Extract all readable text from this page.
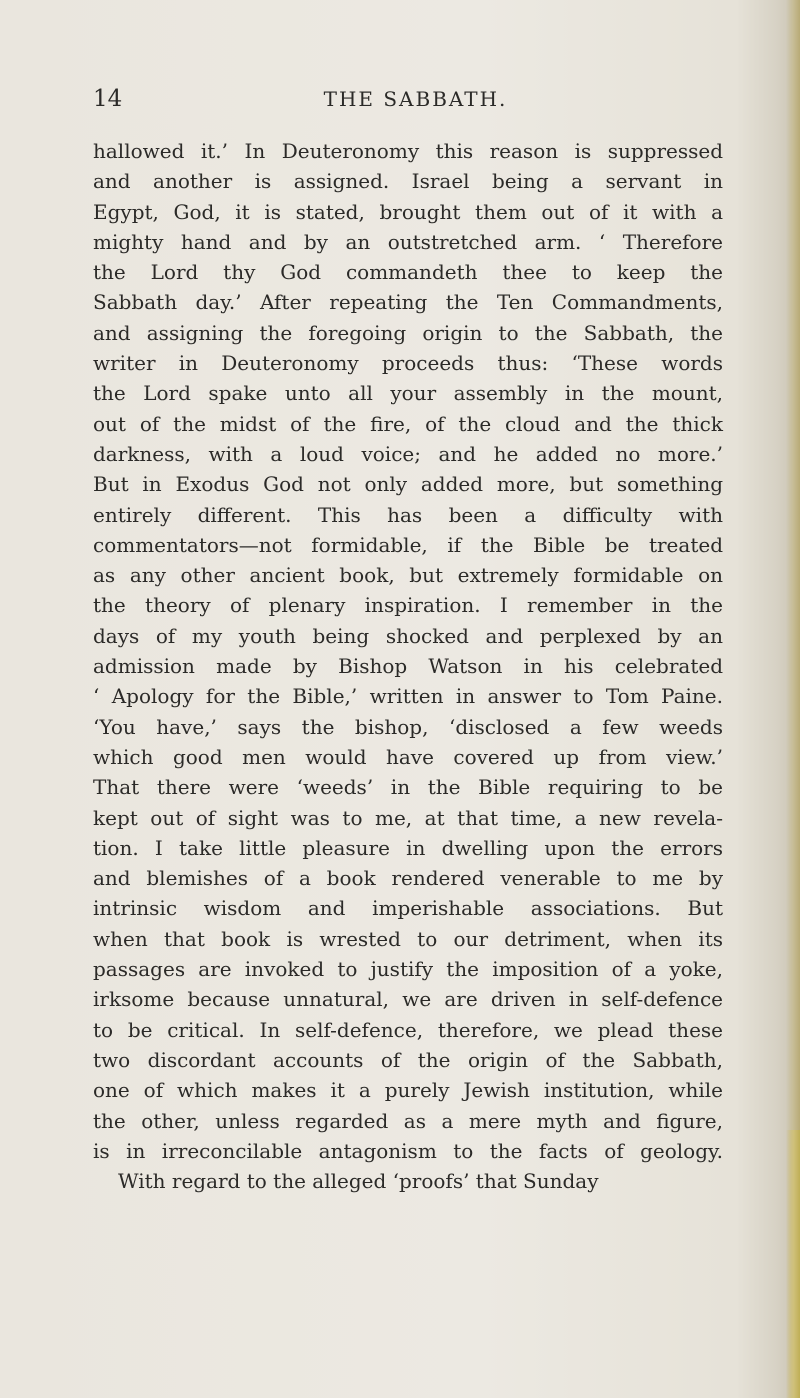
14	THE SABBATH.
hallowed it.’ In Deuteronomy this reason is suppressed
and another is assigned. Israel being a servant in
Egypt, God, it is stated, brought them out of it with a
mighty hand and by an outstretched arm. ‘ Therefore
the Lord thy God commandeth thee to keep the
Sabbath day.’ After repeating the Ten Commandments,
and assigning the foregoing origin to the Sabbath, the
writer in Deuteronomy proceeds thus: ‘These words
the Lord spake unto all your assembly in the mount,
out of the midst of the fire, of the cloud and the thick
darkness, with a loud voice; and he added no more.’
But in Exodus God not only added more, but something
entirely different. This has been a difficulty with
commentators—not formidable, if the Bible be treated
as any other ancient book, but extremely formidable on
the theory of plenary inspiration. I remember in the
days of my youth being shocked and perplexed by an
admission made by Bishop Watson in his celebrated
‘ Apology for the Bible,’ written in answer to Tom Paine.
‘You have,’ says the bishop, ‘disclosed a few weeds
which good men would have covered up from view.’
That there were ‘weeds’ in the Bible requiring to be
kept out of sight was to me, at that time, a new revela-
tion. I take little pleasure in dwelling upon the errors
and blemishes of a book rendered venerable to me by
intrinsic wisdom and imperishable associations. But
when that book is wrested to our detriment, when its
passages are invoked to justify the imposition of a yoke,
irksome because unnatural, we are driven in self-defence
to be critical. In self-defence, therefore, we plead these
two discordant accounts of the origin of the Sabbath,
one of which makes it a purely Jewish institution, while
the other, unless regarded as a mere myth and figure,
is in irreconcilable antagonism to the facts of geology.
With regard to the alleged ‘proofs’ that Sunday
